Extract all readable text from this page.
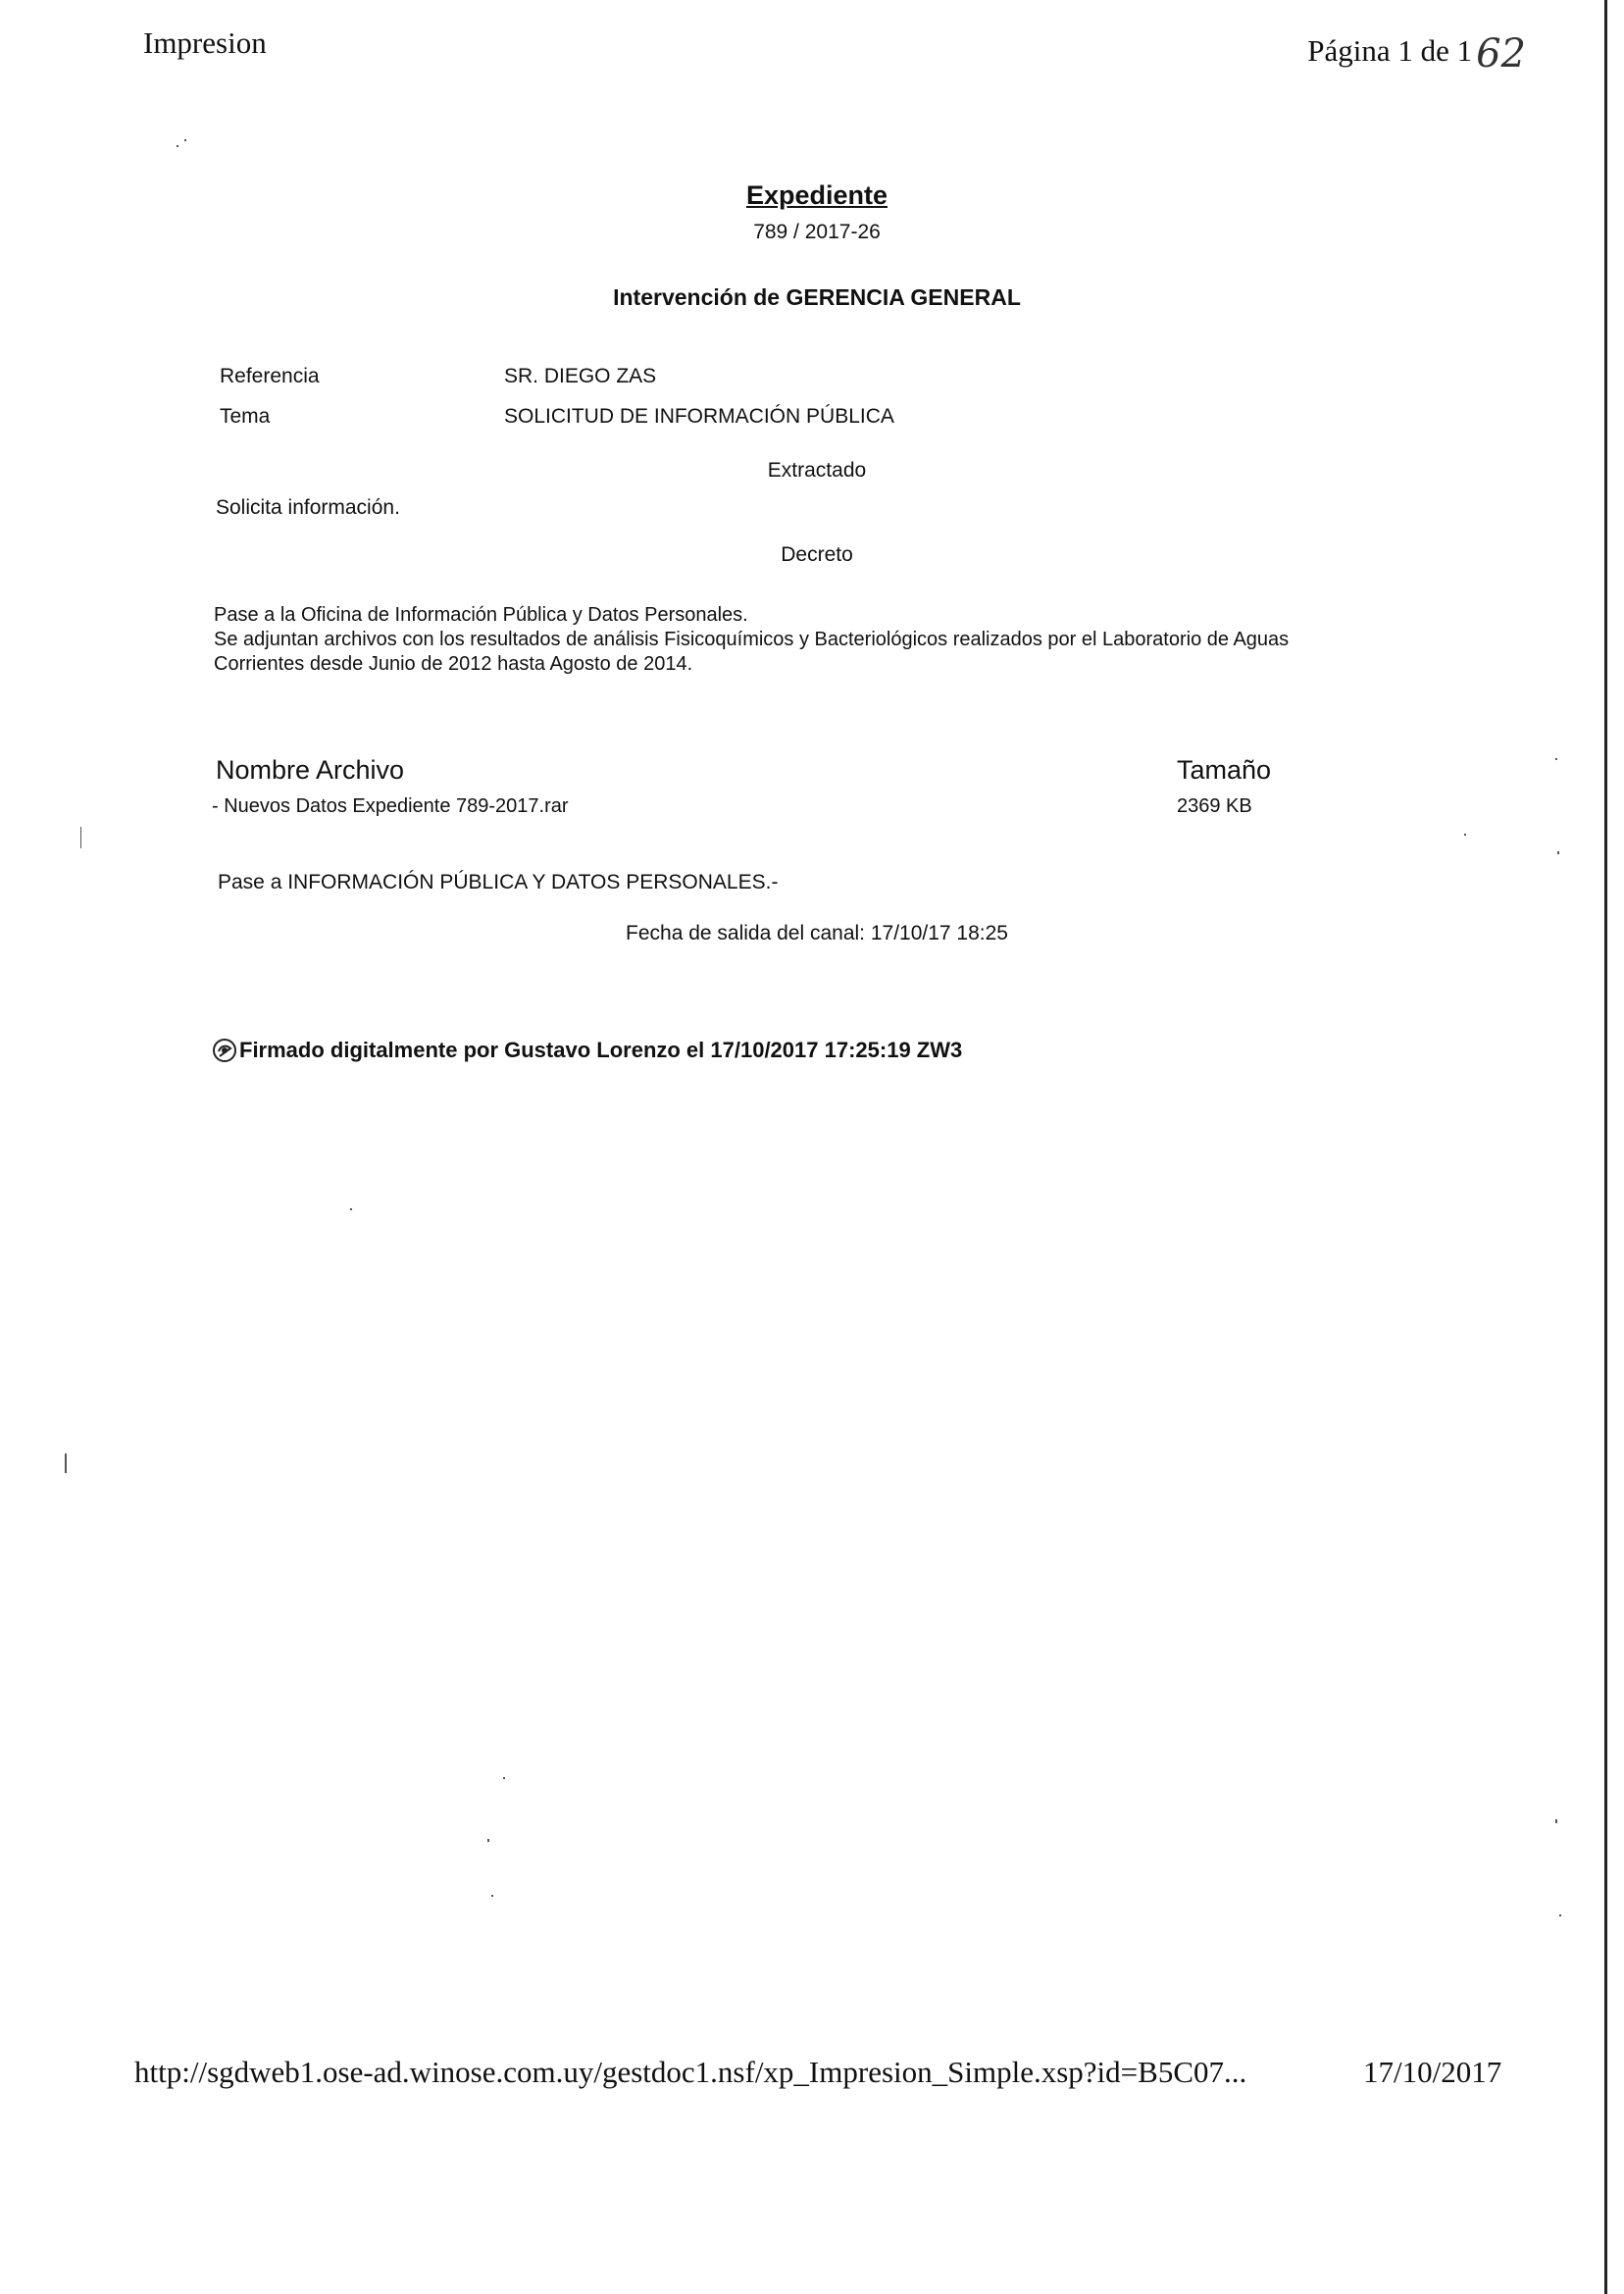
Impresion	Página 1 de 1 62
Expediente
789 / 2017-26
Intervención de GERENCIA GENERAL
Referencia	SR. DIEGO ZAS
Tema	SOLICITUD DE INFORMACIÓN PÚBLICA
Extractado
Solicita información.
Decreto
Pase a la Oficina de Información Pública y Datos Personales.
Se adjuntan archivos con los resultados de análisis Fisicoquímicos y Bacteriológicos realizados por el Laboratorio de Aguas
Corrientes desde Junio de 2012 hasta Agosto de 2014.
Nombre Archivo	Tamaño
- Nuevos Datos Expediente 789-2017.rar	2369 KB
Pase a INFORMACIÓN PÚBLICA Y DATOS PERSONALES.-
Fecha de salida del canal: 17/10/17 18:25
Firmado digitalmente por Gustavo Lorenzo el 17/10/2017 17:25:19 ZW3
http://sgdweb1.ose-ad.winose.com.uy/gestdoc1.nsf/xp_Impresion_Simple.xsp?id=B5C07...	17/10/2017
